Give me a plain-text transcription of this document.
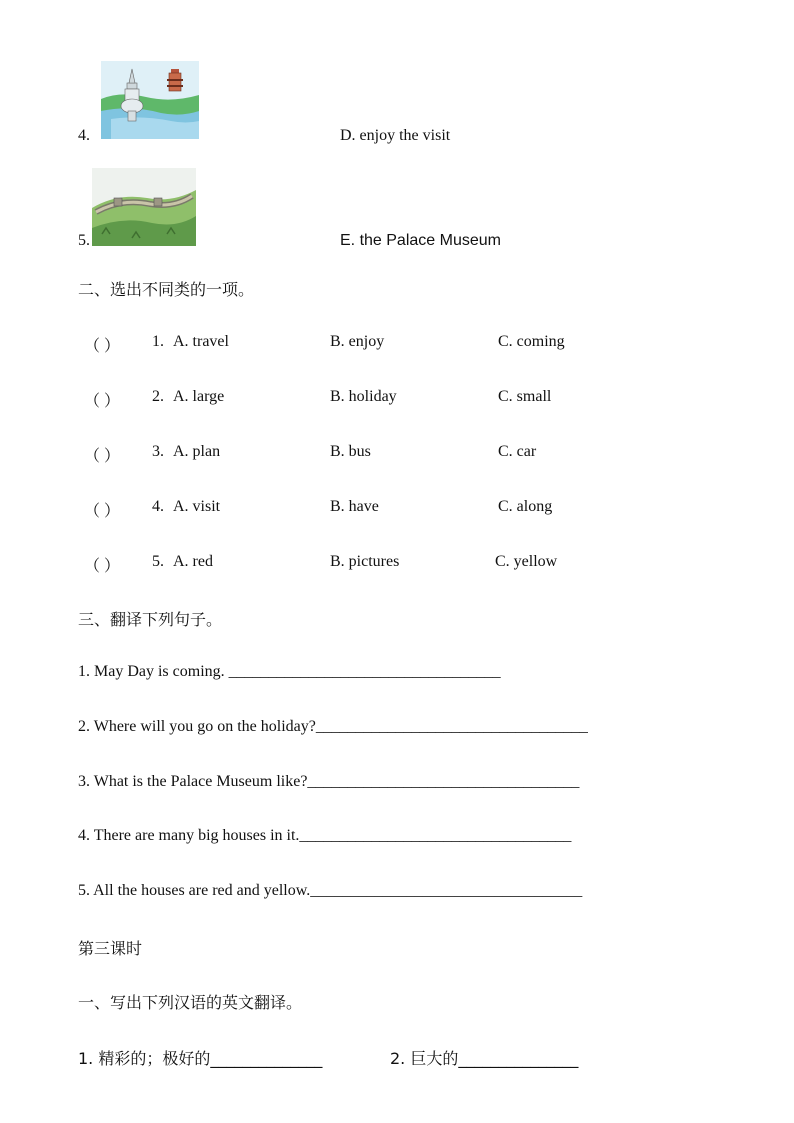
4.	D. enjoy the visit
5.	E. the Palace Museum
二、选出不同类的一项。
（ ） 1. A. travel	B. enjoy	C. coming
（ ） 2. A. large	B. holiday	C. small
（ ） 3. A. plan	B. bus	C. car
（ ） 4. A. visit	B. have	C. along
（ ） 5. A. red	B. pictures	C. yellow
三、翻译下列句子。
1. May Day is coming. __________________________________
2. Where will you go on the holiday?__________________________________
3. What is the Palace Museum like?__________________________________
4. There are many big houses in it.__________________________________
5. All the houses are red and yellow.__________________________________
第三课时
一、写出下列汉语的英文翻译。
1. 精彩的；极好的______________	2. 巨大的_______________
